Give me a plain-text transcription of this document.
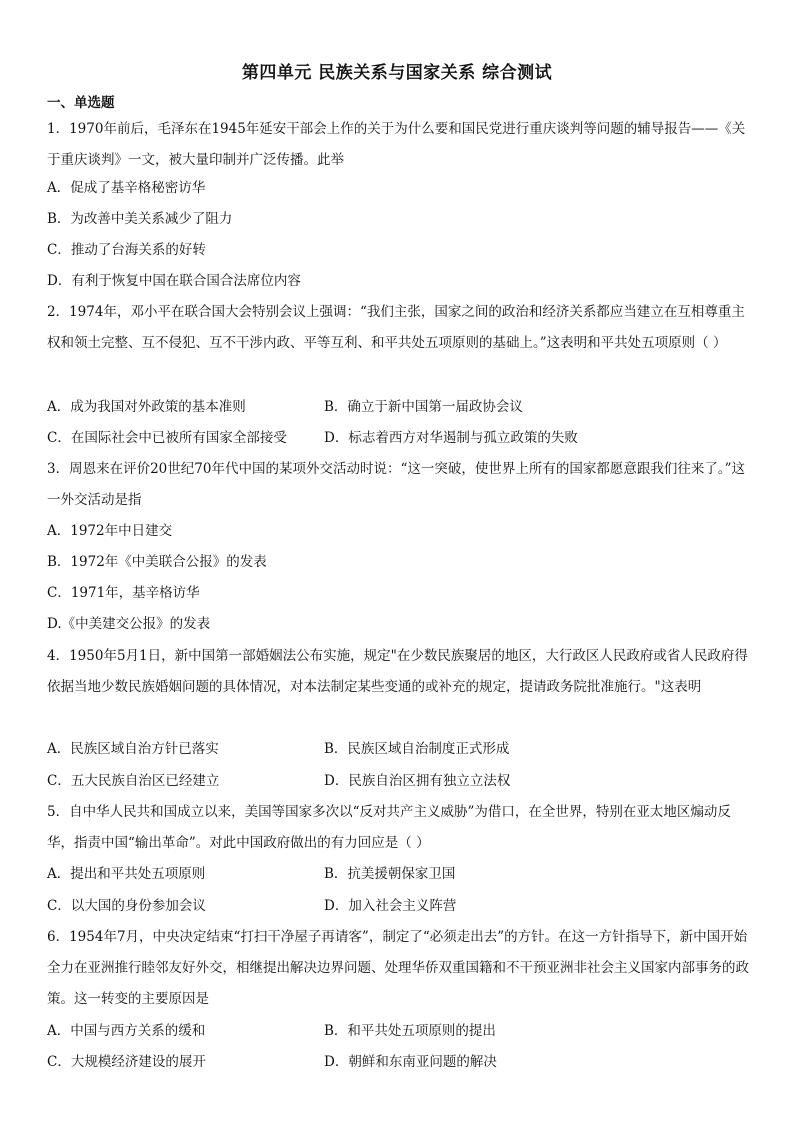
第四单元 民族关系与国家关系 综合测试
一、单选题
1．1970年前后，毛泽东在1945年延安干部会上作的关于为什么要和国民党进行重庆谈判等问题的辅导报告——《关于重庆谈判》一文，被大量印制并广泛传播。此举
A．促成了基辛格秘密访华
B．为改善中美关系减少了阻力
C．推动了台海关系的好转
D．有利于恢复中国在联合国合法席位内容
2．1974年，邓小平在联合国大会特别会议上强调：“我们主张，国家之间的政治和经济关系都应当建立在互相尊重主权和领土完整、互不侵犯、互不干涉内政、平等互利、和平共处五项原则的基础上。”这表明和平共处五项原则（ ）
A．成为我国对外政策的基本准则	B．确立于新中国第一届政协会议
C．在国际社会中已被所有国家全部接受	D．标志着西方对华遏制与孤立政策的失败
3．周恩来在评价20世纪70年代中国的某项外交活动时说：“这一突破，使世界上所有的国家都愿意跟我们往来了。”这一外交活动是指
A．1972年中日建交
B．1972年《中美联合公报》的发表
C．1971年，基辛格访华
D.《中美建交公报》的发表
4．1950年5月1日，新中国第一部婚姻法公布实施，规定"在少数民族聚居的地区，大行政区人民政府或省人民政府得依据当地少数民族婚姻问题的具体情况，对本法制定某些变通的或补充的规定，提请政务院批准施行。"这表明
A．民族区域自治方针已落实	B．民族区域自治制度正式形成
C．五大民族自治区已经建立	D．民族自治区拥有独立立法权
5．自中华人民共和国成立以来，美国等国家多次以“反对共产主义威胁”为借口，在全世界，特别在亚太地区煽动反华，指责中国“输出革命”。对此中国政府做出的有力回应是（ ）
A．提出和平共处五项原则	B．抗美援朝保家卫国
C．以大国的身份参加会议	D．加入社会主义阵营
6．1954年7月，中央决定结束“打扫干净屋子再请客”，制定了“必须走出去”的方针。在这一方针指导下，新中国开始全力在亚洲推行睦邻友好外交，相继提出解决边界问题、处理华侨双重国籍和不干预亚洲非社会主义国家内部事务的政策。这一转变的主要原因是
A．中国与西方关系的缓和	B．和平共处五项原则的提出
C．大规模经济建设的展开	D．朝鲜和东南亚问题的解决
